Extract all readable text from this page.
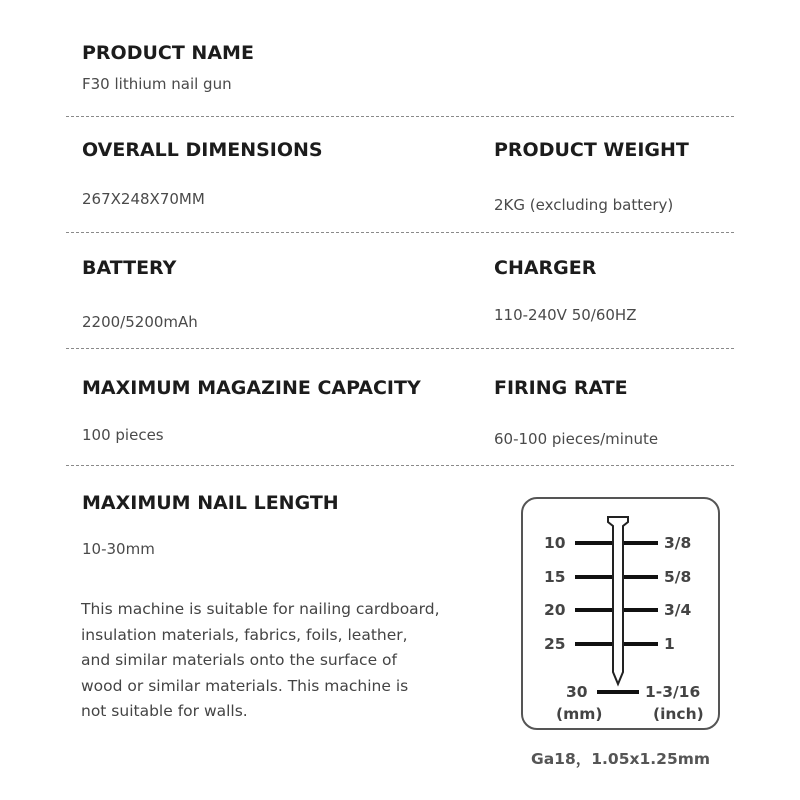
PRODUCT NAME
F30 lithium nail gun
OVERALL DIMENSIONS
267X248X70MM
PRODUCT WEIGHT
2KG (excluding battery)
BATTERY
2200/5200mAh
CHARGER
110-240V 50/60HZ
MAXIMUM MAGAZINE CAPACITY
100 pieces
FIRING RATE
60-100 pieces/minute
MAXIMUM NAIL LENGTH
10-30mm
This machine is suitable for nailing cardboard,
insulation materials, fabrics, foils, leather,
and similar materials onto the surface of
wood or similar materials. This machine is
not suitable for walls.
10	3/8
15	5/8
20	3/4
25	1
30	1-3/16
(mm)	(inch)
Ga18，1.05x1.25mm
